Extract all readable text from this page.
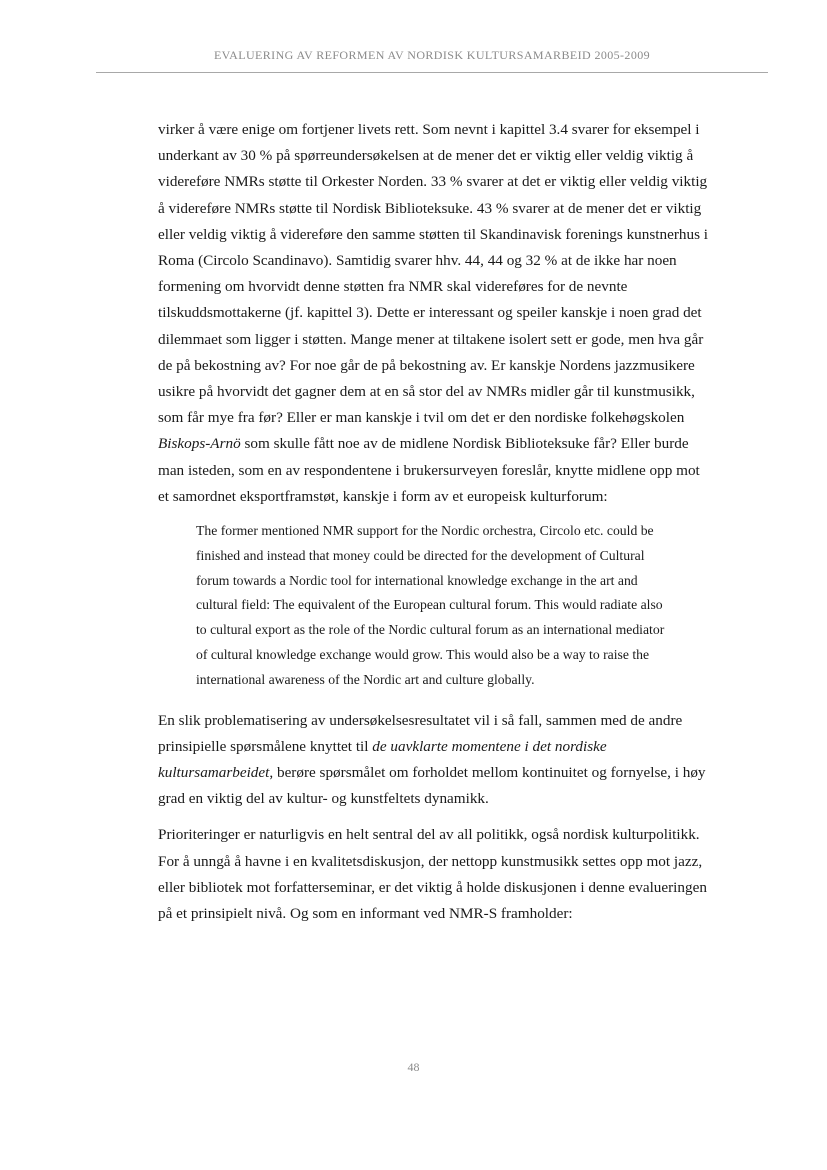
EVALUERING AV REFORMEN AV NORDISK KULTURSAMARBEID 2005-2009

virker å være enige om fortjener livets rett. Som nevnt i kapittel 3.4 svarer for eksempel i underkant av 30 % på spørreundersøkelsen at de mener det er viktig eller veldig viktig å videreføre NMRs støtte til Orkester Norden. 33 % svarer at det er viktig eller veldig viktig å videreføre NMRs støtte til Nordisk Biblioteksuke. 43 % svarer at de mener det er viktig eller veldig viktig å videreføre den samme støtten til Skandinavisk forenings kunstnerhus i Roma (Circolo Scandinavo). Samtidig svarer hhv. 44, 44 og 32 % at de ikke har noen formening om hvorvidt denne støtten fra NMR skal videreføres for de nevnte tilskuddsmottakerne (jf. kapittel 3). Dette er interessant og speiler kanskje i noen grad det dilemmaet som ligger i støtten. Mange mener at tiltakene isolert sett er gode, men hva går de på bekostning av? For noe går de på bekostning av. Er kanskje Nordens jazzmusikere usikre på hvorvidt det gagner dem at en så stor del av NMRs midler går til kunstmusikk, som får mye fra før? Eller er man kanskje i tvil om det er den nordiske folkehøgskolen Biskops-Arnö som skulle fått noe av de midlene Nordisk Biblioteksuke får? Eller burde man isteden, som en av respondentene i brukersurveyen foreslår, knytte midlene opp mot et samordnet eksportframstøt, kanskje i form av et europeisk kulturforum:

The former mentioned NMR support for the Nordic orchestra, Circolo etc. could be finished and instead that money could be directed for the development of Cultural forum towards a Nordic tool for international knowledge exchange in the art and cultural field: The equivalent of the European cultural forum. This would radiate also to cultural export as the role of the Nordic cultural forum as an international mediator of cultural knowledge exchange would grow. This would also be a way to raise the international awareness of the Nordic art and culture globally.

En slik problematisering av undersøkelsesresultatet vil i så fall, sammen med de andre prinsipielle spørsmålene knyttet til de uavklarte momentene i det nordiske kultursamarbeidet, berøre spørsmålet om forholdet mellom kontinuitet og fornyelse, i høy grad en viktig del av kultur- og kunstfeltets dynamikk.

Prioriteringer er naturligvis en helt sentral del av all politikk, også nordisk kulturpolitikk. For å unngå å havne i en kvalitetsdiskusjon, der nettopp kunstmusikk settes opp mot jazz, eller bibliotek mot forfatterseminar, er det viktig å holde diskusjonen i denne evalueringen på et prinsipielt nivå. Og som en informant ved NMR-S framholder:

48
